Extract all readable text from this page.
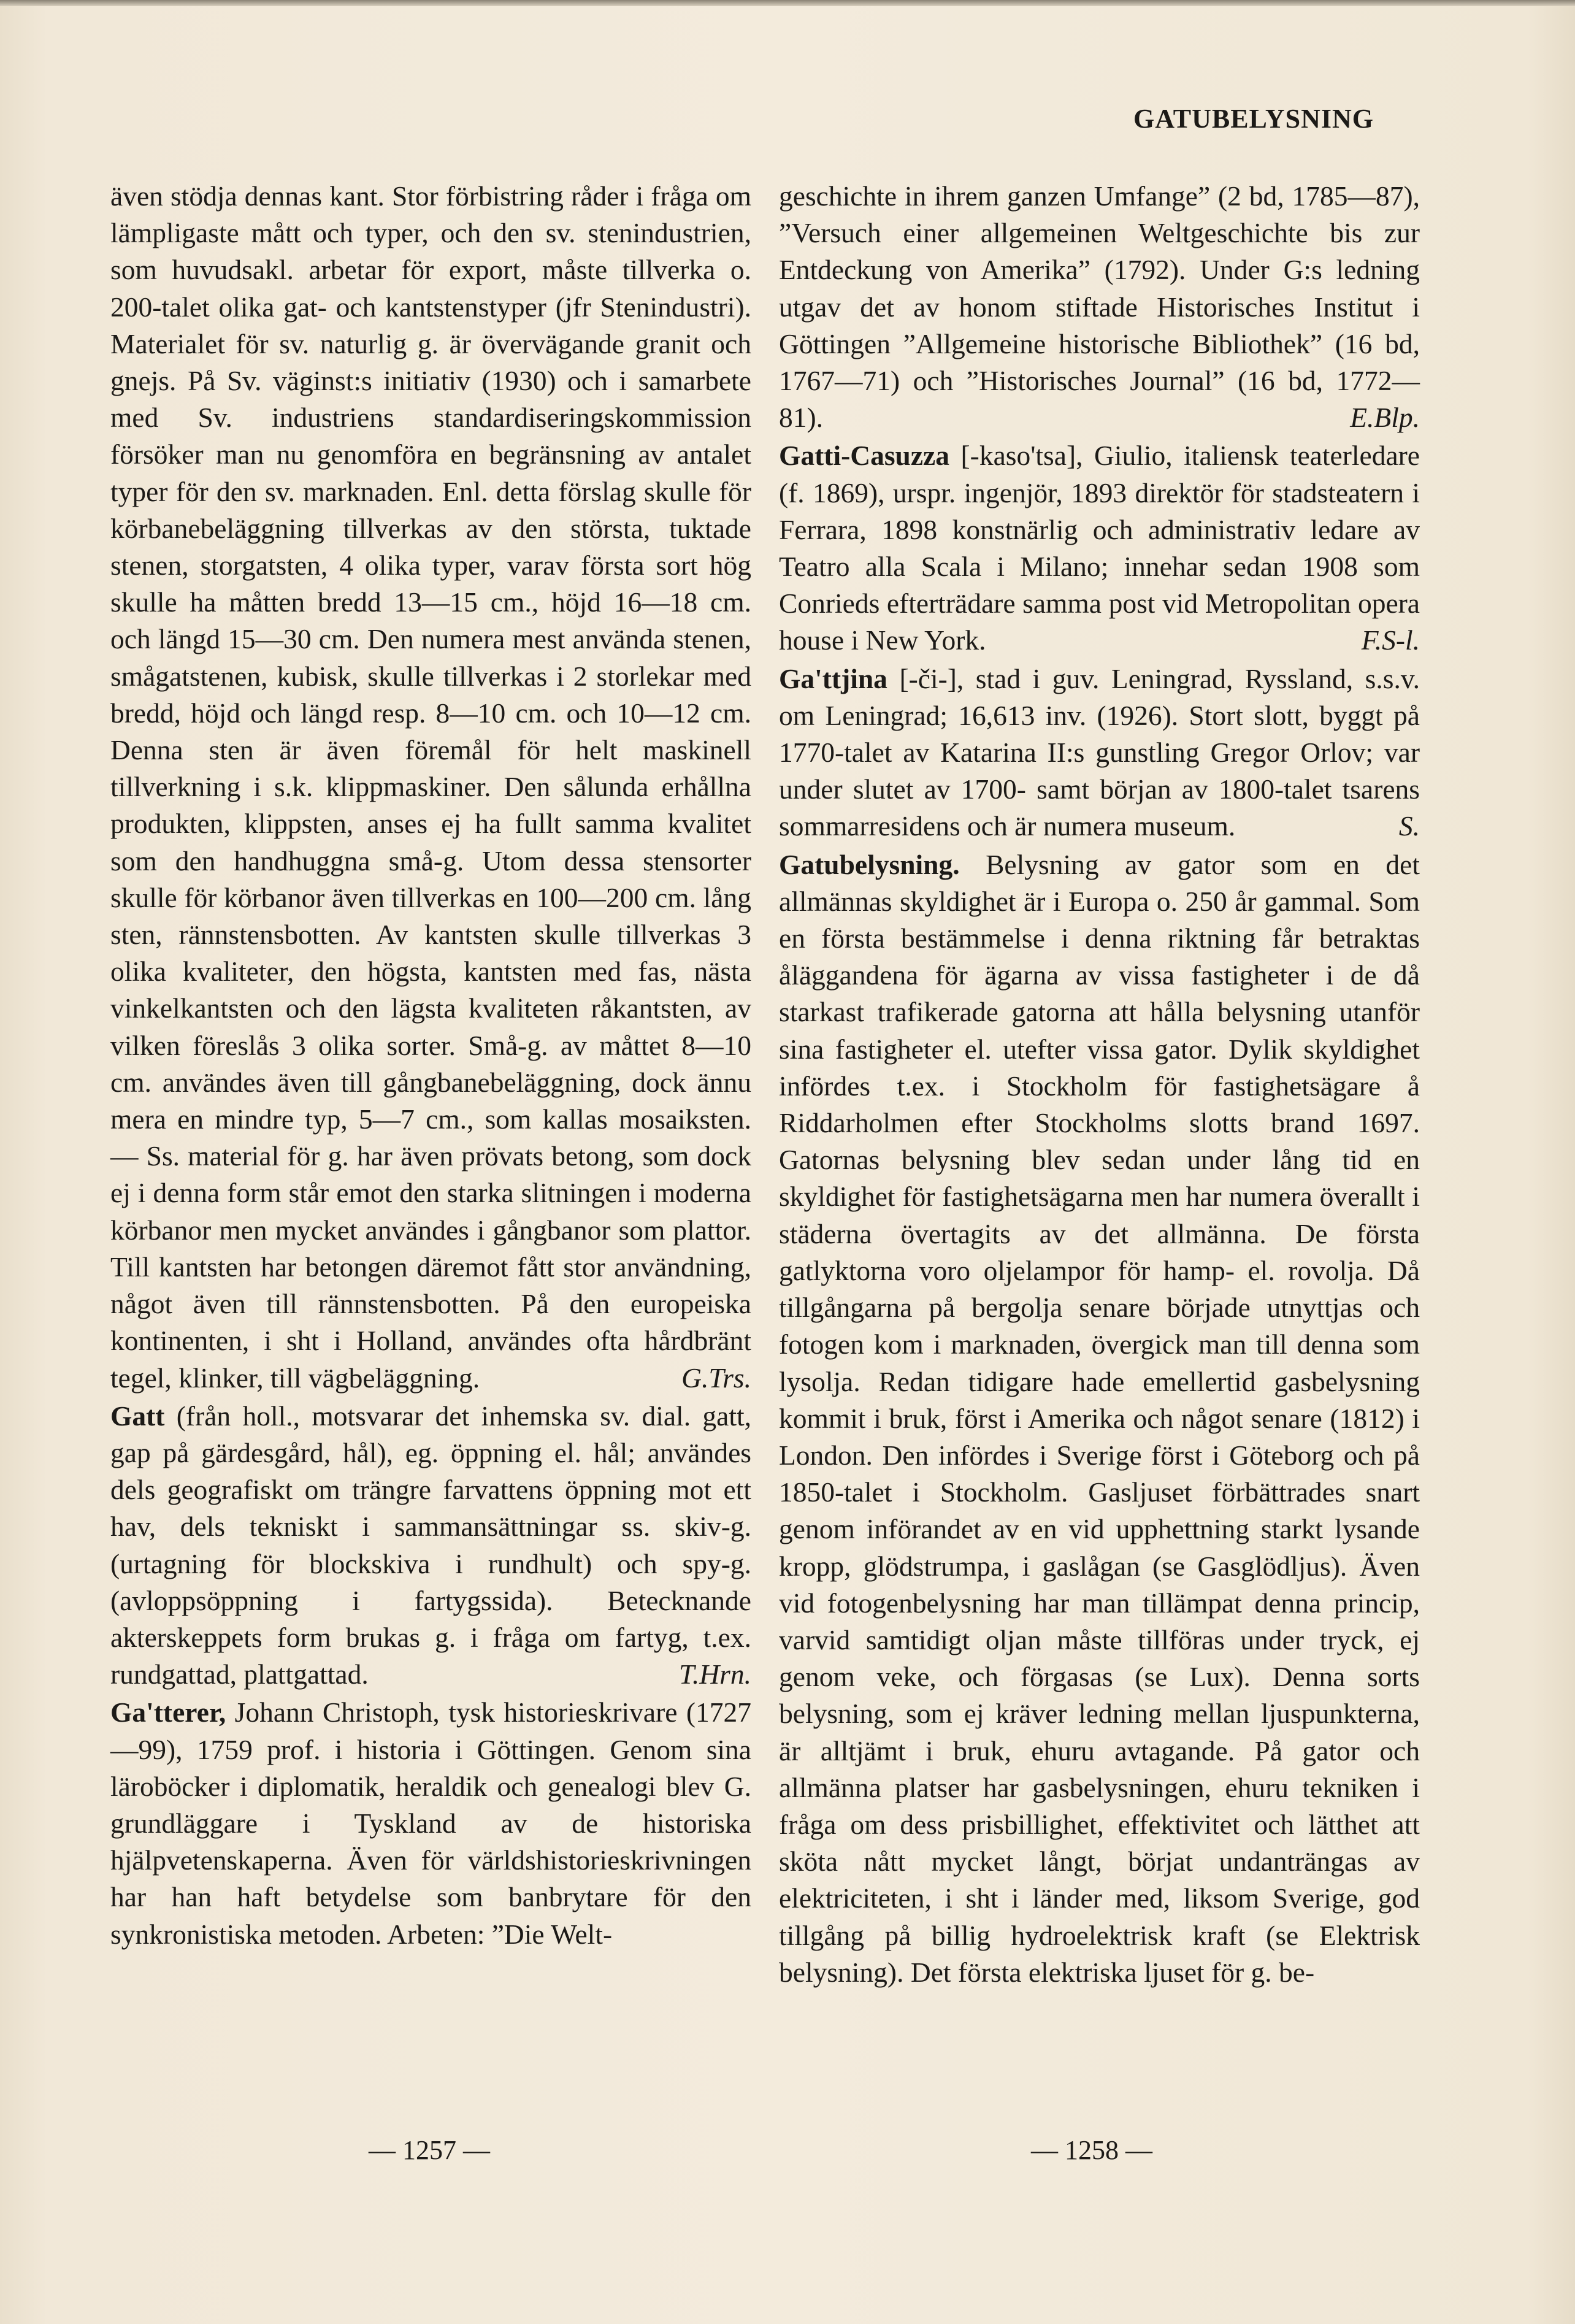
GATUBELYSNING

även stödja dennas kant. Stor förbistring råder i fråga om lämpligaste mått och typer, och den sv. stenindustrien, som huvudsakl. arbetar för export, måste tillverka o. 200-talet olika gat- och kantstenstyper (jfr Stenindustri). Materialet för sv. naturlig g. är övervägande granit och gnejs. På Sv. väginst:s initiativ (1930) och i samarbete med Sv. industriens standardiseringskommission försöker man nu genomföra en begränsning av antalet typer för den sv. marknaden. Enl. detta förslag skulle för körbanebeläggning tillverkas av den största, tuktade stenen, storgatsten, 4 olika typer, varav första sort hög skulle ha måtten bredd 13—15 cm., höjd 16—18 cm. och längd 15—30 cm. Den numera mest använda stenen, smågatstenen, kubisk, skulle tillverkas i 2 storlekar med bredd, höjd och längd resp. 8—10 cm. och 10—12 cm. Denna sten är även föremål för helt maskinell tillverkning i s.k. klippmaskiner. Den sålunda erhållna produkten, klippsten, anses ej ha fullt samma kvalitet som den handhuggna små-g. Utom dessa stensorter skulle för körbanor även tillverkas en 100—200 cm. lång sten, rännstensbotten. Av kantsten skulle tillverkas 3 olika kvaliteter, den högsta, kantsten med fas, nästa vinkelkantsten och den lägsta kvaliteten råkantsten, av vilken föreslås 3 olika sorter. Små-g. av måttet 8—10 cm. användes även till gångbanebeläggning, dock ännu mera en mindre typ, 5—7 cm., som kallas mosaiksten. — Ss. material för g. har även prövats betong, som dock ej i denna form står emot den starka slitningen i moderna körbanor men mycket användes i gångbanor som plattor. Till kantsten har betongen däremot fått stor användning, något även till rännstensbotten. På den europeiska kontinenten, i sht i Holland, användes ofta hårdbränt tegel, klinker, till vägbeläggning.	G.Trs.

Gatt (från holl., motsvarar det inhemska sv. dial. gatt, gap på gärdesgård, hål), eg. öppning el. hål; användes dels geografiskt om trängre farvattens öppning mot ett hav, dels tekniskt i sammansättningar ss. skiv-g. (urtagning för blockskiva i rundhult) och spy-g. (avloppsöppning i fartygssida). Betecknande akterskeppets form brukas g. i fråga om fartyg, t.ex. rundgattad, plattgattad.	T.Hrn.

Ga'tterer, Johann Christoph, tysk historieskrivare (1727—99), 1759 prof. i historia i Göttingen. Genom sina läroböcker i diplomatik, heraldik och genealogi blev G. grundläggare i Tyskland av de historiska hjälpvetenskaperna. Även för världshistorieskrivningen har han haft betydelse som banbrytare för den synkronistiska metoden. Arbeten: ”Die Welt-

geschichte in ihrem ganzen Umfange” (2 bd, 1785—87), ”Versuch einer allgemeinen Weltgeschichte bis zur Entdeckung von Amerika” (1792). Under G:s ledning utgav det av honom stiftade Historisches Institut i Göttingen ”Allgemeine historische Bibliothek” (16 bd, 1767—71) och ”Historisches Journal” (16 bd, 1772—81).	E.Blp.

Gatti-Casuzza [-kaso'tsa], Giulio, italiensk teaterledare (f. 1869), urspr. ingenjör, 1893 direktör för stadsteatern i Ferrara, 1898 konstnärlig och administrativ ledare av Teatro alla Scala i Milano; innehar sedan 1908 som Conrieds efterträdare samma post vid Metropolitan opera house i New York.	F.S-l.

Ga'ttjina [-či-], stad i guv. Leningrad, Ryssland, s.s.v. om Leningrad; 16,613 inv. (1926). Stort slott, byggt på 1770-talet av Katarina II:s gunstling Gregor Orlov; var under slutet av 1700- samt början av 1800-talet tsarens sommarresidens och är numera museum.	S.

Gatubelysning. Belysning av gator som en det allmännas skyldighet är i Europa o. 250 år gammal. Som en första bestämmelse i denna riktning får betraktas åläggandena för ägarna av vissa fastigheter i de då starkast trafikerade gatorna att hålla belysning utanför sina fastigheter el. utefter vissa gator. Dylik skyldighet infördes t.ex. i Stockholm för fastighetsägare å Riddarholmen efter Stockholms slotts brand 1697. Gatornas belysning blev sedan under lång tid en skyldighet för fastighetsägarna men har numera överallt i städerna övertagits av det allmänna. De första gatlyktorna voro oljelampor för hamp- el. rovolja. Då tillgångarna på bergolja senare började utnyttjas och fotogen kom i marknaden, övergick man till denna som lysolja. Redan tidigare hade emellertid gasbelysning kommit i bruk, först i Amerika och något senare (1812) i London. Den infördes i Sverige först i Göteborg och på 1850-talet i Stockholm. Gasljuset förbättrades snart genom införandet av en vid upphettning starkt lysande kropp, glödstrumpa, i gaslågan (se Gasglödljus). Även vid fotogenbelysning har man tillämpat denna princip, varvid samtidigt oljan måste tillföras under tryck, ej genom veke, och förgasas (se Lux). Denna sorts belysning, som ej kräver ledning mellan ljuspunkterna, är alltjämt i bruk, ehuru avtagande. På gator och allmänna platser har gasbelysningen, ehuru tekniken i fråga om dess prisbillighet, effektivitet och lätthet att sköta nått mycket långt, börjat undanträngas av elektriciteten, i sht i länder med, liksom Sverige, god tillgång på billig hydroelektrisk kraft (se Elektrisk belysning). Det första elektriska ljuset för g. be-

— 1257 —	— 1258 —
